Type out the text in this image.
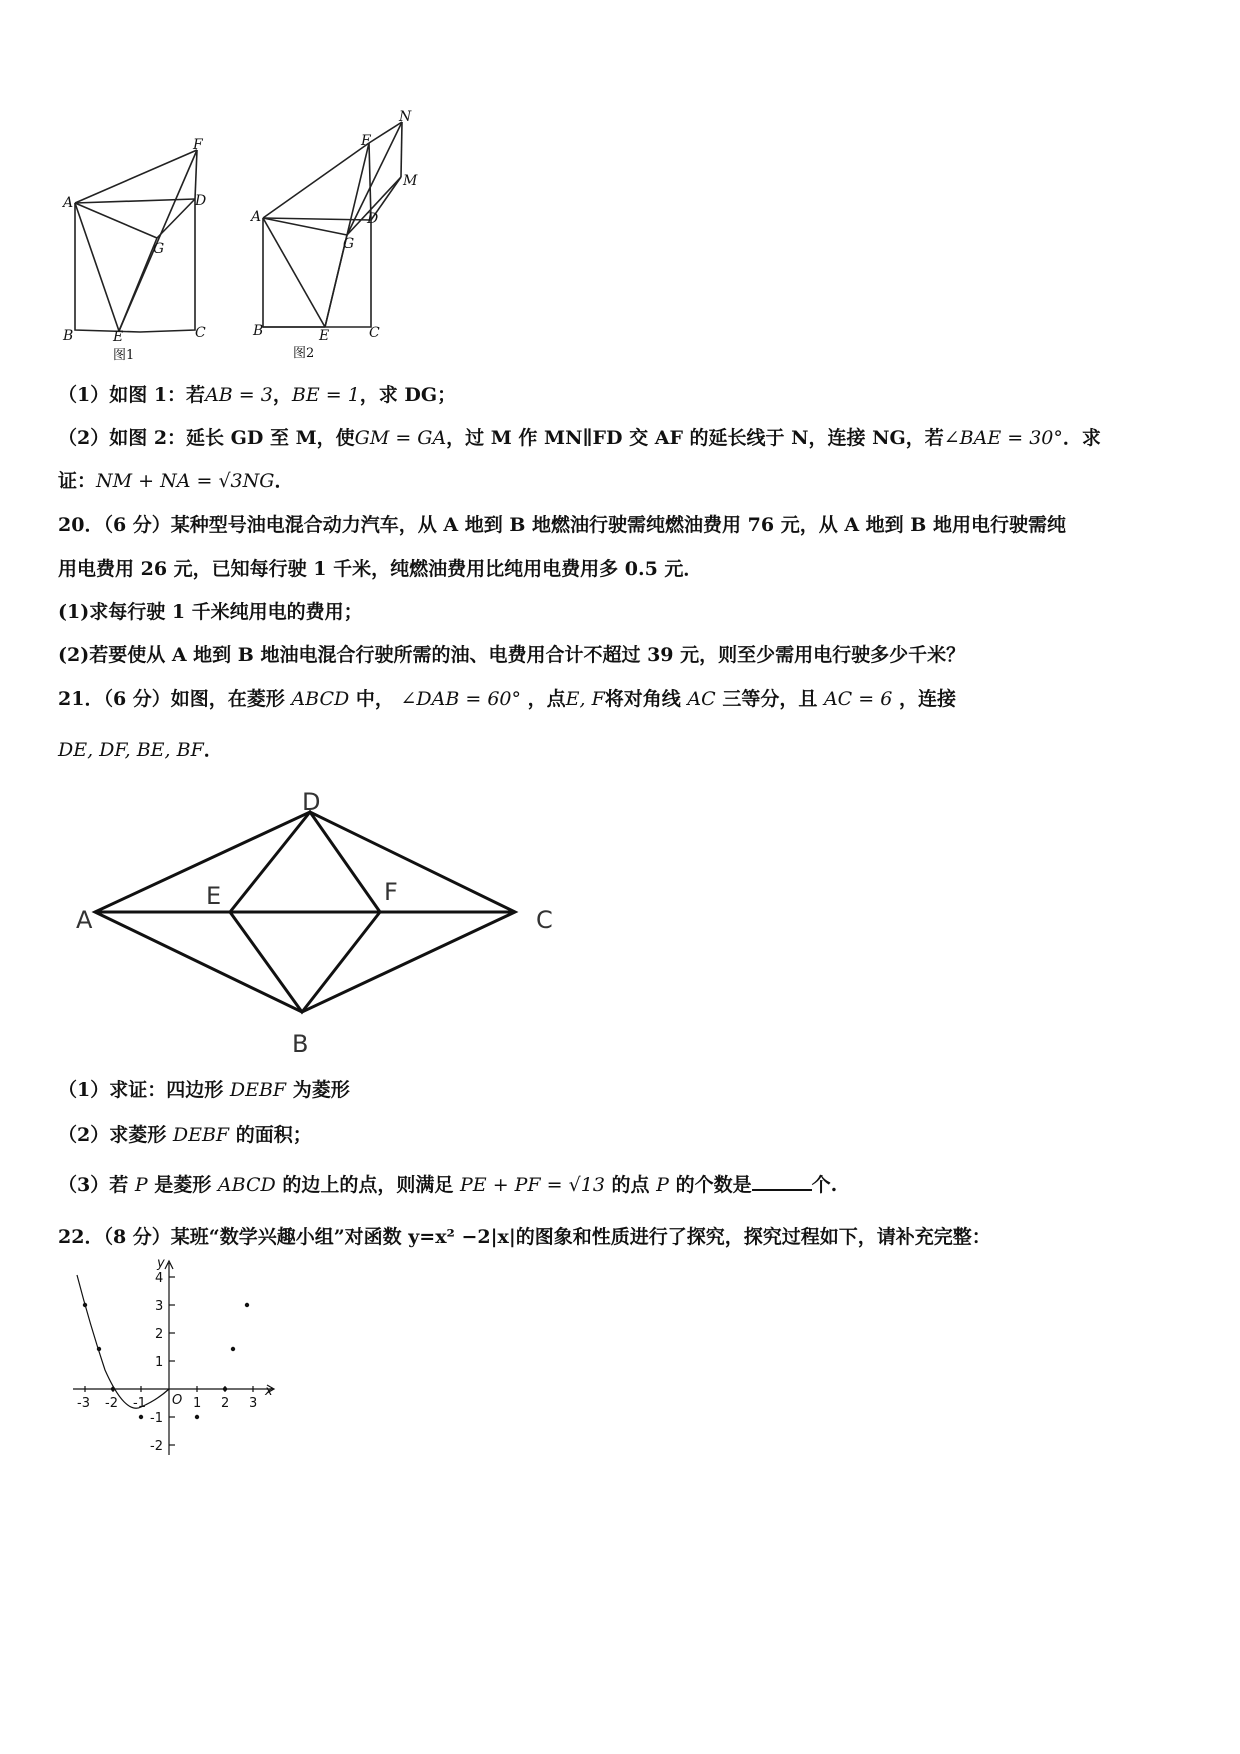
A
B	C
D
E
F
G
图1
A
B	C
D
E
F
G
M
N
图2
（1）如图 1：若AB = 3，BE = 1，求 DG；
（2）如图 2：延长 GD 至 M，使GM = GA，过 M 作 MN∥FD 交 AF 的延长线于 N，连接 NG，若∠BAE = 30°．求
证：NM + NA = √3NG．
20．（6 分）某种型号油电混合动力汽车，从 A 地到 B 地燃油行驶需纯燃油费用 76 元，从 A 地到 B 地用电行驶需纯
用电费用 26 元，已知每行驶 1 千米，纯燃油费用比纯用电费用多 0.5 元．
(1)求每行驶 1 千米纯用电的费用；
(2)若要使从 A 地到 B 地油电混合行驶所需的油、电费用合计不超过 39 元，则至少需用电行驶多少千米？
21．（6 分）如图，在菱形 ABCD 中， ∠DAB = 60° ，点E, F将对角线 AC 三等分，且 AC = 6 ，连接
DE, DF, BE, BF．
A
B
C
D
E	F
（1）求证：四边形 DEBF 为菱形
（2）求菱形 DEBF 的面积；
（3）若 P 是菱形 ABCD 的边上的点，则满足 PE + PF = √13 的点 P 的个数是	个.
22．（8 分）某班“数学兴趣小组”对函数 y=x² −2|x|的图象和性质进行了探究，探究过程如下，请补充完整：
y
x
O
-3 -2 -1	1 2 3
4
3
2
1
-1
-2
